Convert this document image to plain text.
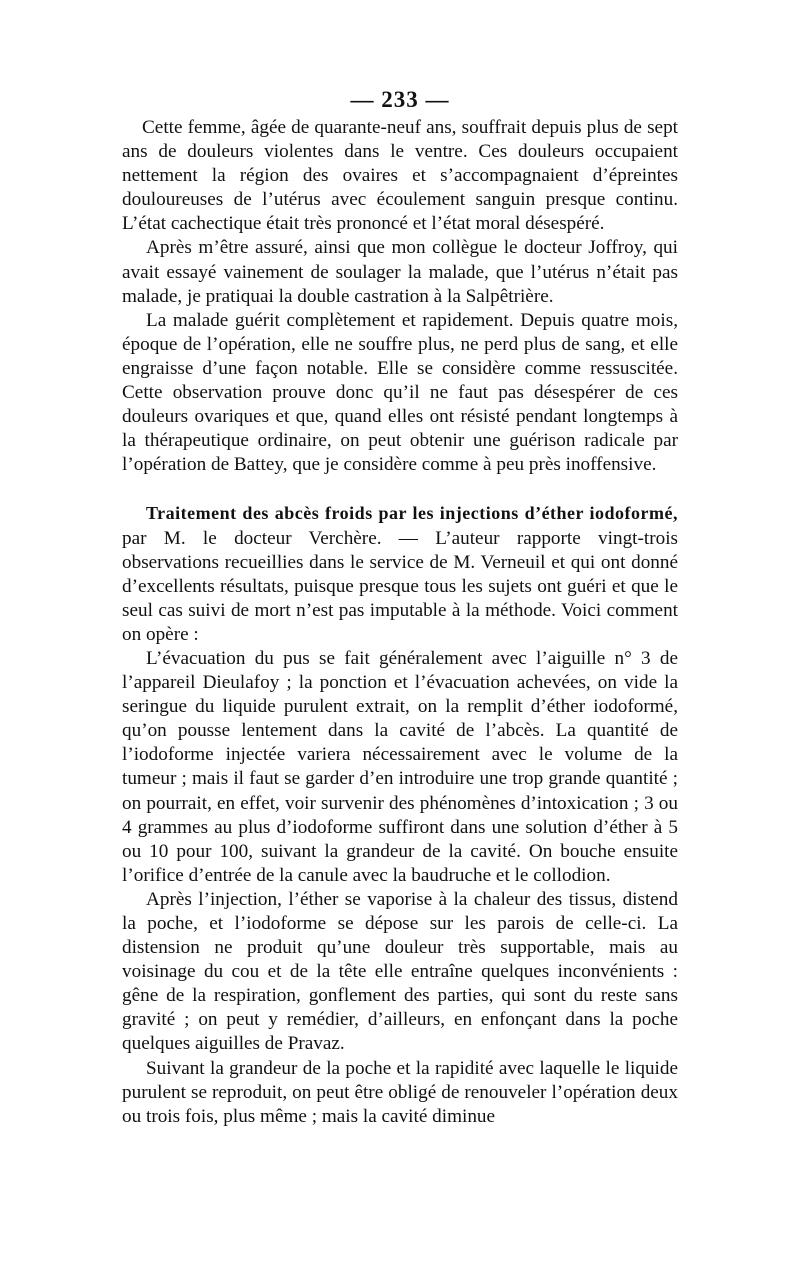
— 233 —

Cette femme, âgée de quarante-neuf ans, souffrait depuis plus de sept ans de douleurs violentes dans le ventre. Ces douleurs occupaient nettement la région des ovaires et s’accompagnaient d’épreintes douloureuses de l’utérus avec écoulement sanguin presque continu. L’état cachectique était très prononcé et l’état moral désespéré.

Après m’être assuré, ainsi que mon collègue le docteur Joffroy, qui avait essayé vainement de soulager la malade, que l’utérus n’était pas malade, je pratiquai la double castration à la Salpêtrière.

La malade guérit complètement et rapidement. Depuis quatre mois, époque de l’opération, elle ne souffre plus, ne perd plus de sang, et elle engraisse d’une façon notable. Elle se considère comme ressuscitée. Cette observation prouve donc qu’il ne faut pas désespérer de ces douleurs ovariques et que, quand elles ont résisté pendant longtemps à la thérapeutique ordinaire, on peut obtenir une guérison radicale par l’opération de Battey, que je considère comme à peu près inoffensive.

Traitement des abcès froids par les injections d’éther iodoformé, par M. le docteur Verchère. — L’auteur rapporte vingt-trois observations recueillies dans le service de M. Verneuil et qui ont donné d’excellents résultats, puisque presque tous les sujets ont guéri et que le seul cas suivi de mort n’est pas imputable à la méthode. Voici comment on opère :

L’évacuation du pus se fait généralement avec l’aiguille n° 3 de l’appareil Dieulafoy ; la ponction et l’évacuation achevées, on vide la seringue du liquide purulent extrait, on la remplit d’éther iodoformé, qu’on pousse lentement dans la cavité de l’abcès. La quantité de l’iodoforme injectée variera nécessairement avec le volume de la tumeur ; mais il faut se garder d’en introduire une trop grande quantité ; on pourrait, en effet, voir survenir des phénomènes d’intoxication ; 3 ou 4 grammes au plus d’iodoforme suffiront dans une solution d’éther à 5 ou 10 pour 100, suivant la grandeur de la cavité. On bouche ensuite l’orifice d’entrée de la canule avec la baudruche et le collodion.

Après l’injection, l’éther se vaporise à la chaleur des tissus, distend la poche, et l’iodoforme se dépose sur les parois de celle-ci. La distension ne produit qu’une douleur très supportable, mais au voisinage du cou et de la tête elle entraîne quelques inconvénients : gêne de la respiration, gonflement des parties, qui sont du reste sans gravité ; on peut y remédier, d’ailleurs, en enfonçant dans la poche quelques aiguilles de Pravaz.

Suivant la grandeur de la poche et la rapidité avec laquelle le liquide purulent se reproduit, on peut être obligé de renouveler l’opération deux ou trois fois, plus même ; mais la cavité diminue
